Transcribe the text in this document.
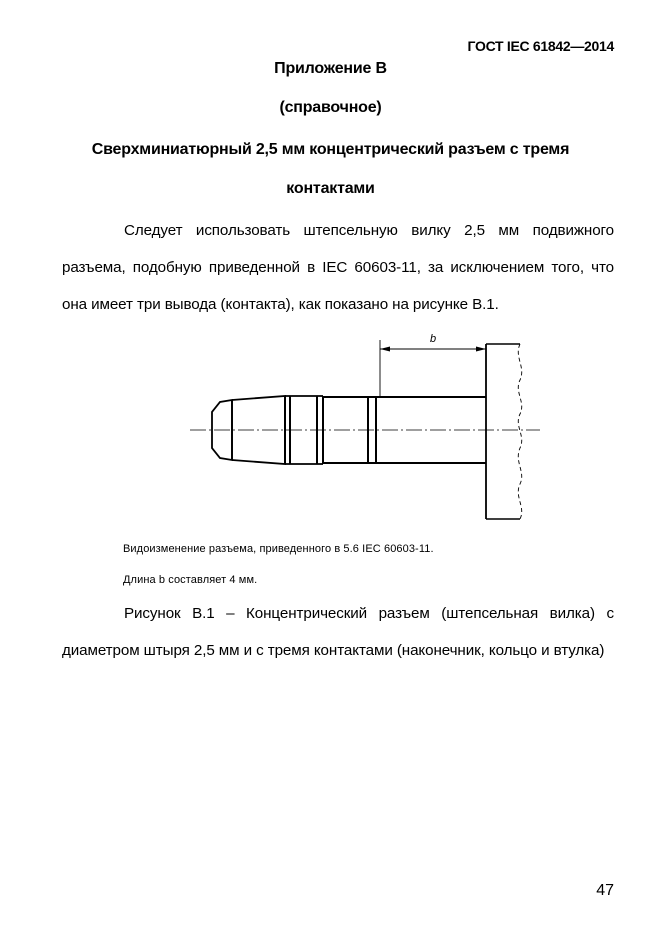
ГОСТ IEC 61842—2014
Приложение В
(справочное)
Сверхминиатюрный 2,5 мм концентрический разъем с тремя
контактами
Следует использовать штепсельную вилку 2,5 мм подвижного разъема, подобную приведенной в IEC 60603-11, за исключением того, что она имеет три вывода (контакта), как показано на рисунке В.1.
b
Видоизменение разъема, приведенного в 5.6 IEC 60603-11.
Длина b составляет 4 мм.
Рисунок В.1 – Концентрический разъем (штепсельная вилка) с диаметром штыря 2,5 мм и с тремя контактами (наконечник, кольцо и втулка)
47
